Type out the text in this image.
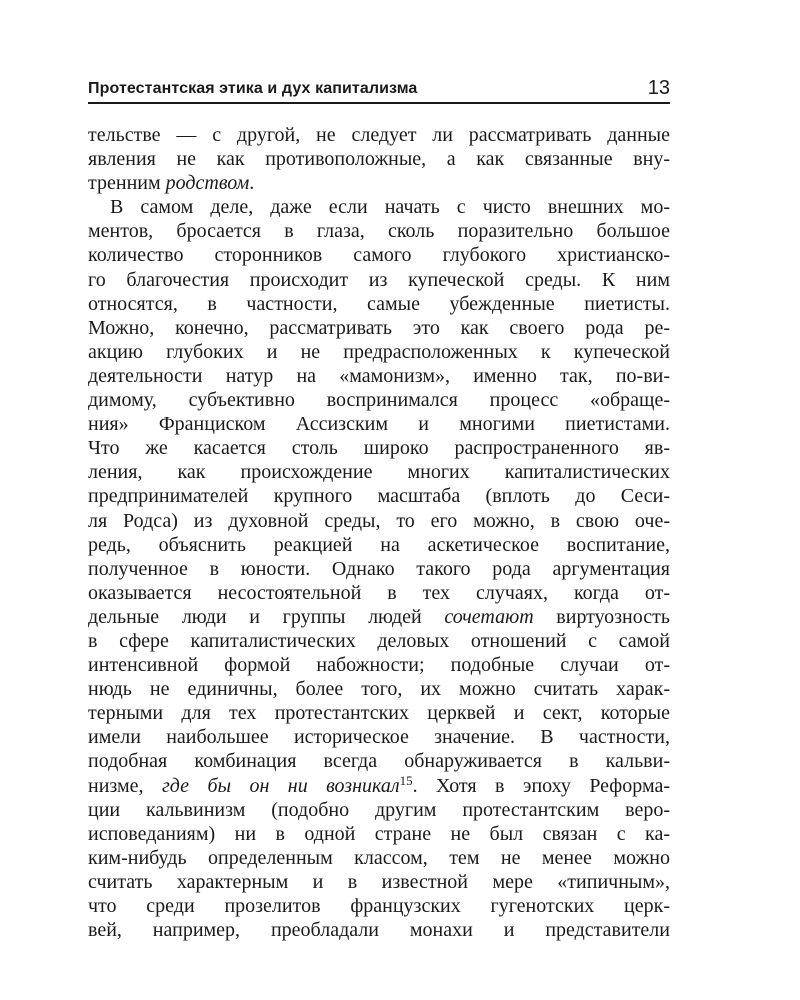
Протестантская этика и дух капитализма	13
тельстве — с другой, не следует ли рассматривать данные
явления не как противоположные, а как связанные вну-
тренним родством.
В самом деле, даже если начать с чисто внешних мо-
ментов, бросается в глаза, сколь поразительно большое
количество сторонников самого глубокого христианско-
го благочестия происходит из купеческой среды. К ним
относятся, в частности, самые убежденные пиетисты.
Можно, конечно, рассматривать это как своего рода ре-
акцию глубоких и не предрасположенных к купеческой
деятельности натур на «мамонизм», именно так, по-ви-
димому, субъективно воспринимался процесс «обраще-
ния» Франциском Ассизским и многими пиетистами.
Что же касается столь широко распространенного яв-
ления, как происхождение многих капиталистических
предпринимателей крупного масштаба (вплоть до Сеси-
ля Родса) из духовной среды, то его можно, в свою оче-
редь, объяснить реакцией на аскетическое воспитание,
полученное в юности. Однако такого рода аргументация
оказывается несостоятельной в тех случаях, когда от-
дельные люди и группы людей сочетают виртуозность
в сфере капиталистических деловых отношений с самой
интенсивной формой набожности; подобные случаи от-
нюдь не единичны, более того, их можно считать харак-
терными для тех протестантских церквей и сект, которые
имели наибольшее историческое значение. В частности,
подобная комбинация всегда обнаруживается в кальви-
низме, где бы он ни возникал$^{15}$. Хотя в эпоху Реформа-
ции кальвинизм (подобно другим протестантским веро-
исповеданиям) ни в одной стране не был связан с ка-
ким-нибудь определенным классом, тем не менее можно
считать характерным и в известной мере «типичным»,
что среди прозелитов французских гугенотских церк-
вей, например, преобладали монахи и представители
